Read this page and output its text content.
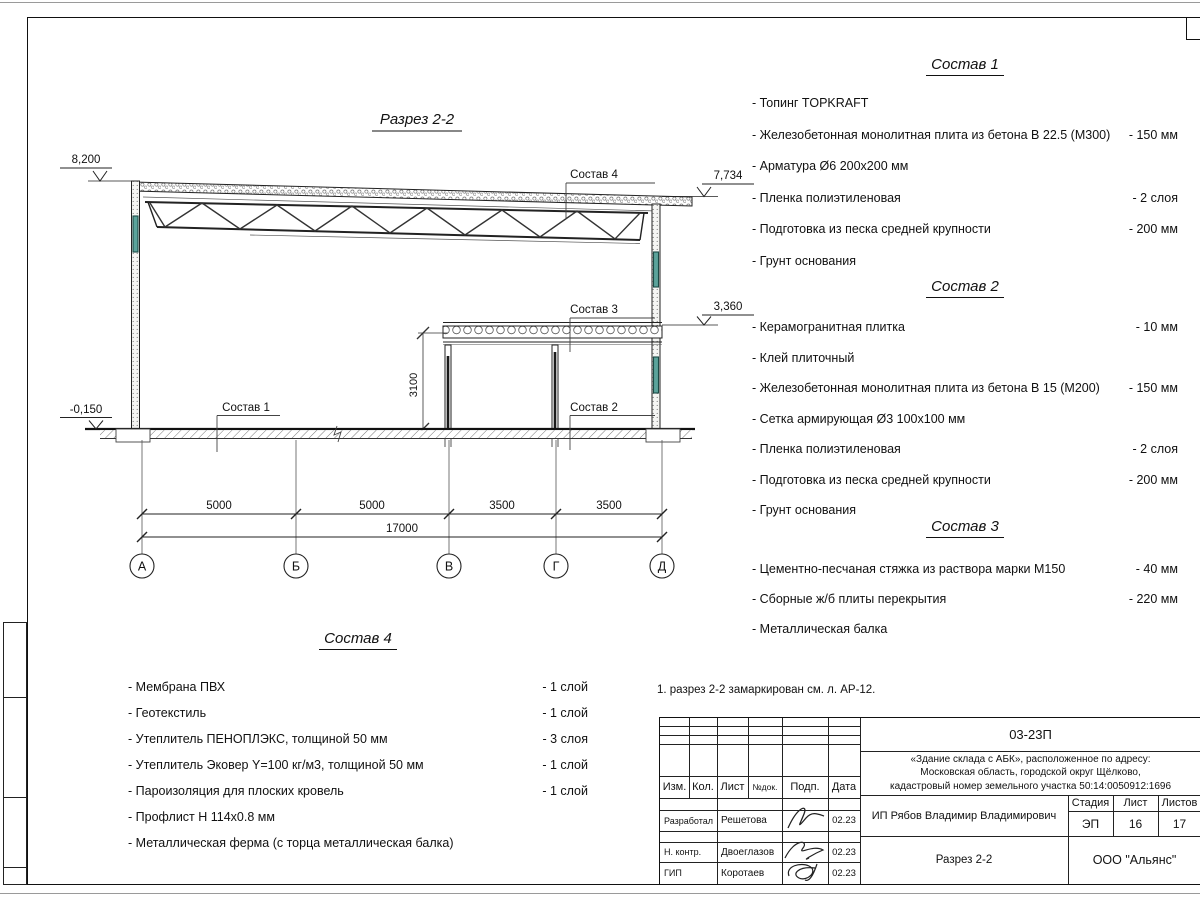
Разрез 2-2
3100
8,200
7,734
3,360
-0,150
Состав 4
Состав 3
Состав 2
Состав 1
5000	5000	3500	3500
17000
А	Б	В	Г	Д
Состав 1
- Топинг TOPKRAFT
- Железобетонная монолитная плита из бетона В 22.5 (М300)	- 150 мм
- Арматура Ø6 200х200 мм
- Пленка полиэтиленовая	- 2 слоя
- Подготовка из песка средней крупности	- 200 мм
- Грунт основания
Состав 2
- Керамогранитная плитка	- 10 мм
- Клей плиточный
- Железобетонная монолитная плита из бетона В 15 (М200)	- 150 мм
- Сетка армирующая Ø3 100х100 мм
- Пленка полиэтиленовая	- 2 слоя
- Подготовка из песка средней крупности	- 200 мм
- Грунт основания
Состав 3
- Цементно-песчаная стяжка из раствора марки М150	- 40 мм
- Сборные ж/б плиты перекрытия	- 220 мм
- Металлическая балка
Состав 4
- Мембрана ПВХ	- 1 слой
- Геотекстиль	- 1 слой
- Утеплитель ПЕНОПЛЭКС, толщиной 50 мм	- 3 слоя
- Утеплитель Эковер Y=100 кг/м3, толщиной 50 мм	- 1 слой
- Пароизоляция для плоских кровель	- 1 слой
- Профлист Н 114х0.8 мм
- Металлическая ферма (с торца металлическая балка)
1. разрез 2-2 замаркирован см. л. АР-12.
Изм. Кол. Лист №док.	Подп.	Дата
Разработал Решетова	02.23
Н. контр.	Двоеглазов	02.23
ГИП	Коротаев	02.23
03-23П
«Здание склада с АБК», расположенное по адресу:
Московская область, городской округ Щёлково,
кадастровый номер земельного участка 50:14:0050912:1696
ИП Рябов Владимир Владимирович
Стадия	Лист	Листов
ЭП	16	17
Разрез 2-2	ООО "Альянс"
